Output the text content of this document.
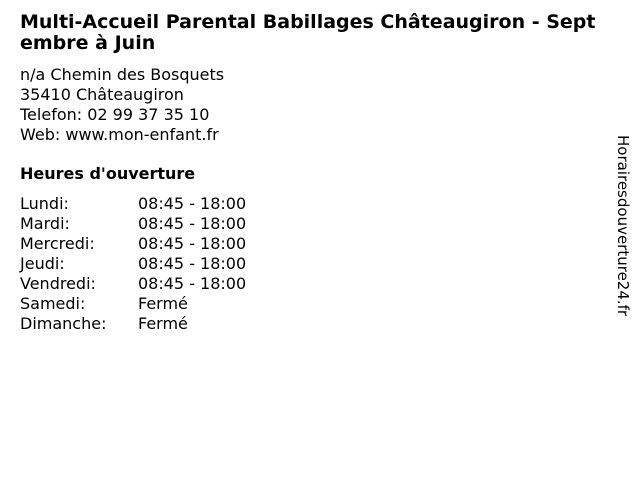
Multi-Accueil Parental Babillages Châteaugiron - Septembre à Juin
n/a Chemin des Bosquets
35410 Châteaugiron
Telefon: 02 99 37 35 10
Web: www.mon-enfant.fr
Heures d'ouverture
Lundi:	08:45 - 18:00
Mardi:	08:45 - 18:00
Mercredi:	08:45 - 18:00
Jeudi:	08:45 - 18:00
Vendredi:	08:45 - 18:00
Samedi:	Fermé
Dimanche:	Fermé
Horairesdouverture24.fr
